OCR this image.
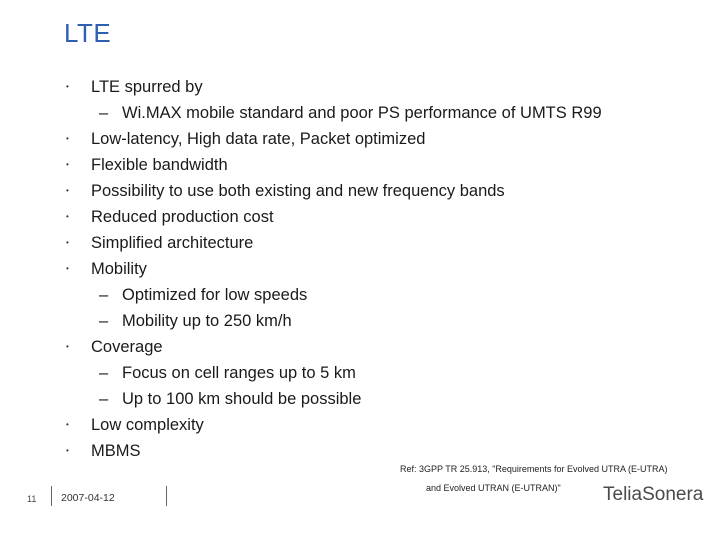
LTE
• LTE spurred by
– Wi.MAX mobile standard and poor PS performance of UMTS R99
• Low-latency, High data rate, Packet optimized
• Flexible bandwidth
• Possibility to use both existing and new frequency bands
• Reduced production cost
• Simplified architecture
• Mobility
– Optimized for low speeds
– Mobility up to 250 km/h
• Coverage
– Focus on cell ranges up to 5 km
– Up to 100 km should be possible
• Low complexity
• MBMS
Ref: 3GPP TR 25.913, "Requirements for Evolved UTRA (E-UTRA)
and Evolved UTRAN (E-UTRAN)"
11 2007-04-12	TeliaSonera
